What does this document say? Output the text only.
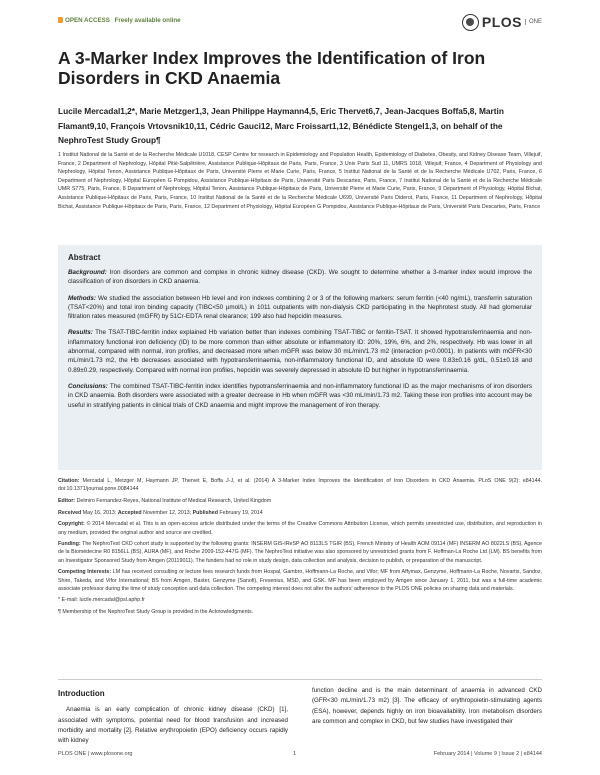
OPEN ACCESS Freely available online	PLOS	ONE
A 3-Marker Index Improves the Identification of Iron Disorders in CKD Anaemia
Lucile Mercadal1,2*, Marie Metzger1,3, Jean Philippe Haymann4,5, Eric Thervet6,7, Jean-Jacques Boffa5,8, Martin Flamant9,10, François Vrtovsnik10,11, Cédric Gauci12, Marc Froissart1,12, Bénédicte Stengel1,3, on behalf of the NephroTest Study Group¶
1 Institut National de la Santé et de la Recherche Médicale U1018, CESP Centre for research in Epidemiology and Population Health, Epidemiology of Diabetes, Obesity, and Kidney Disease Team, Villejuif, France, 2 Department of Nephrology, Hôpital Pitié-Salpêtrière, Assistance Publique-Hôpitaux de Paris, Paris, France, 3 Univ Paris Sud 11, UMRS 1018, Villejuif, France, 4 Department of Physiology and Nephrology, Hôpital Tenon, Assistance Publique-Hôpitaux de Paris, Université Pierre et Marie Curie, Paris, France, 5 Institut National de la Santé et de la Recherche Médicale U702, Paris, France, 6 Department of Nephrology, Hôpital Européen G Pompidou, Assistance Publique-Hôpitaux de Paris, Université Paris Descartes, Paris, France, 7 Institut National de la Santé et de la Recherche Médicale UMR S775, Paris, France, 8 Department of Nephrology, Hôpital Tenon, Assistance Publique-Hôpitaux de Paris, Université Pierre et Marie Curie, Paris, France, 9 Department of Physiology, Hôpital Bichat, Assistance Publique-Hôpitaux de Paris, Paris, France, 10 Institut National de la Santé et de la Recherche Médicale U699, Université Paris Diderot, Paris, France, 11 Department of Nephrology, Hôpital Bichat, Assistance Publique-Hôpitaux de Paris, Paris, France, 12 Department of Physiology, Hôpital Européen G Pompidou, Assistance Publique-Hôpitaux de Paris, Université Paris Descartes, Paris, France
Abstract

Background: Iron disorders are common and complex in chronic kidney disease (CKD). We sought to determine whether a 3-marker index would improve the classification of iron disorders in CKD anaemia.

Methods: We studied the association between Hb level and iron indexes combining 2 or 3 of the following markers: serum ferritin (<40 ng/mL), transferrin saturation (TSAT<20%) and total iron binding capacity (TIBC<50 µmol/L) in 1011 outpatients with non-dialysis CKD participating in the Nephrotest study. All had glomerular filtration rates measured (mGFR) by 51Cr-EDTA renal clearance; 199 also had hepcidin measures.

Results: The TSAT-TIBC-ferritin index explained Hb variation better than indexes combining TSAT-TIBC or ferritin-TSAT. It showed hypotransferrinaemia and non-inflammatory functional iron deficiency (ID) to be more common than either absolute or inflammatory ID: 20%, 19%, 6%, and 2%, respectively. Hb was lower in all abnormal, compared with normal, iron profiles, and decreased more when mGFR was below 30 mL/min/1.73 m2 (interaction p<0.0001). In patients with mGFR<30 mL/min/1.73 m2, the Hb decreases associated with hypotransferrinaemia, non-inflammatory functional ID, and absolute ID were 0.83±0.16 g/dL, 0.51±0.18 and 0.89±0.29, respectively. Compared with normal iron profiles, hepcidin was severely depressed in absolute ID but higher in hypotransferrinaemia.

Conclusions: The combined TSAT-TIBC-ferritin index identifies hypotransferrinaemia and non-inflammatory functional ID as the major mechanisms of iron disorders in CKD anaemia. Both disorders were associated with a greater decrease in Hb when mGFR was <30 mL/min/1.73 m2. Taking these iron profiles into account may be useful in stratifying patients in clinical trials of CKD anaemia and might improve the management of iron therapy.

Citation: Mercadal L, Metzger M, Haymann JP, Thervet E, Boffa J-J, et al. (2014) A 3-Marker Index Improves the Identification of Iron Disorders in CKD Anaemia. PLoS ONE 9(2): e84144. doi:10.1371/journal.pone.0084144

Editor: Delmiro Fernandez-Reyes, National Institute of Medical Research, United Kingdom

Received May 16, 2013; Accepted November 12, 2013; Published February 19, 2014

Copyright: © 2014 Mercadal et al. This is an open-access article distributed under the terms of the Creative Commons Attribution License, which permits unrestricted use, distribution, and reproduction in any medium, provided the original author and source are credited.

Funding: The NephroTest CKD cohort study is supported by the following grants: INSERM GIS-IReSP AO 8113LS TGIR (BS), French Ministry of Health AOM 09114 (MF) INSERM AO 8022LS (BS), Agence de la Biomédecine R0 8156LL (BS), AURA (MF), and Roche 2009-152-447G (MF). The NephroTest initiative was also sponsored by unrestricted grants from F. Hoffman-La Roche Ltd (LM). BS benefits from an Investigator Sponsored Study from Amgen (20119011). The funders had no role in study design, data collection and analysis, decision to publish, or preparation of the manuscript.

Competing Interests: LM has received consulting or lecture fees research funds from Hospal, Gambro, Hoffmann-La Roche, and Vifor; MF from Affymax, Genzyme, Hoffmann-La Roche, Novartis, Sandoz, Shire, Takeda, and Vifor International; BS from Amgen, Baxter, Genzyme (Sanofi), Fresenius, MSD, and GSK. MF has been employed by Amgen since January 1, 2011, but was a full-time academic associate professor during the time of study conception and data collection. The competing interest does not alter the authors' adherence to the PLOS ONE policies on sharing data and materials.

* E-mail: lucile.mercadal@psl.aphp.fr

¶ Membership of the NephroTest Study Group is provided in the Acknowledgments.

Introduction

Anaemia is an early complication of chronic kidney disease (CKD) [1], associated with symptoms, potential need for blood transfusion and increased morbidity and mortality [2]. Relative erythropoietin (EPO) deficiency occurs rapidly with kidney

function decline and is the main determinant of anaemia in advanced CKD (GFR<30 mL/min/1.73 m2) [3]. The efficacy of erythropoietin-stimulating agents (ESA), however, depends highly on iron bioavailability. Iron metabolism disorders are common and complex in CKD, but few studies have investigated their

PLOS ONE | www.plosone.org	1	February 2014 | Volume 9 | Issue 2 | e84144
